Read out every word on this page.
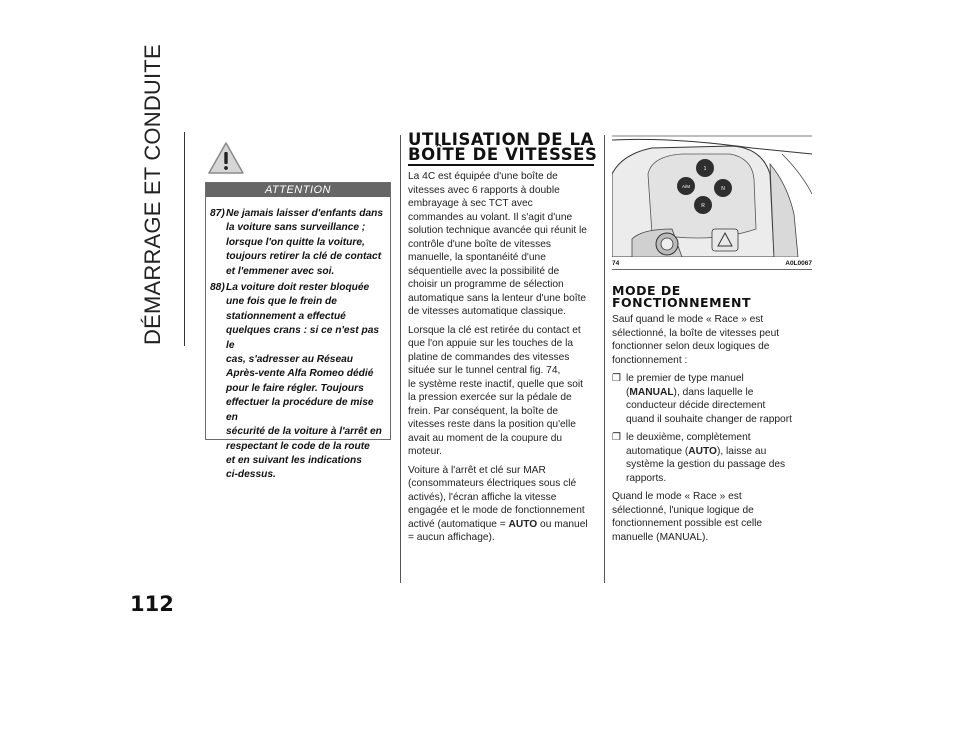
DÉMARRAGE ET CONDUITE
112
ATTENTION
87) Ne jamais laisser d'enfants dans
la voiture sans surveillance ;
lorsque l'on quitte la voiture,
toujours retirer la clé de contact
et l'emmener avec soi.
88) La voiture doit rester bloquée
une fois que le frein de
stationnement a effectué
quelques crans : si ce n'est pas le
cas, s'adresser au Réseau
Après-vente Alfa Romeo dédié
pour le faire régler. Toujours
effectuer la procédure de mise en
sécurité de la voiture à l'arrêt en
respectant le code de la route
et en suivant les indications
ci-dessus.
UTILISATION DE LA
BOÎTE DE VITESSES

La 4C est équipée d'une boîte de
vitesses avec 6 rapports à double
embrayage à sec TCT avec
commandes au volant. Il s'agit d'une
solution technique avancée qui réunit le
contrôle d'une boîte de vitesses
manuelle, la spontanéité d'une
séquentielle avec la possibilité de
choisir un programme de sélection
automatique sans la lenteur d'une boîte
de vitesses automatique classique.

Lorsque la clé est retirée du contact et
que l'on appuie sur les touches de la
platine de commandes des vitesses
située sur le tunnel central fig. 74,
le système reste inactif, quelle que soit
la pression exercée sur la pédale de
frein. Par conséquent, la boîte de
vitesses reste dans la position qu'elle
avait au moment de la coupure du
moteur.

Voiture à l'arrêt et clé sur MAR
(consommateurs électriques sous clé
activés), l'écran affiche la vitesse
engagée et le mode de fonctionnement
activé (automatique = AUTO ou manuel
= aucun affichage).

1
A/M	N
R
74	A0L0067
MODE DE
FONCTIONNEMENT

Sauf quand le mode « Race » est
sélectionné, la boîte de vitesses peut
fonctionner selon deux logiques de
fonctionnement :

❐ le premier de type manuel
(MANUAL), dans laquelle le
conducteur décide directement
quand il souhaite changer de rapport
❐ le deuxième, complètement
automatique (AUTO), laisse au
système la gestion du passage des
rapports.

Quand le mode « Race » est
sélectionné, l'unique logique de
fonctionnement possible est celle
manuelle (MANUAL).
